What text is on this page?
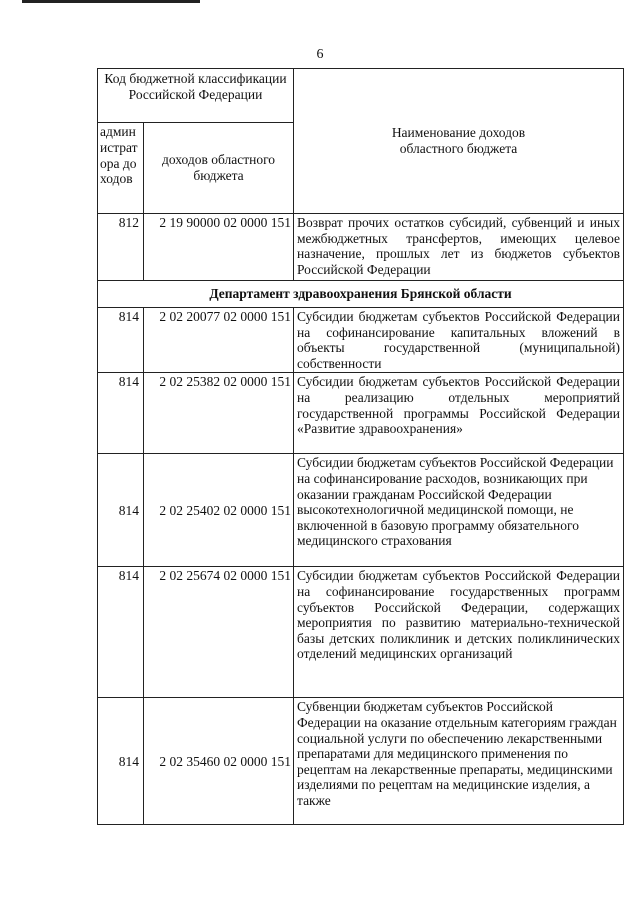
6
Код бюджетной классификации Российской Федерации		Наименование доходов областного бюджета
администратора доходов	доходов областного бюджета	
812	2 19 90000 02 0000 151	Возврат прочих остатков субсидий, субвенций и иных межбюджетных трансфертов, имеющих целевое назначение, прошлых лет из бюджетов субъектов Российской Федерации
Департамент здравоохранения Брянской области		
814	2 02 20077 02 0000 151	Субсидии бюджетам субъектов Российской Федерации на софинансирование капитальных вложений в объекты государственной (муниципальной) собственности
814	2 02 25382 02 0000 151	Субсидии бюджетам субъектов Российской Федерации на реализацию отдельных мероприятий государственной программы Российской Федерации «Развитие здравоохранения»
814	2 02 25402 02 0000 151	Субсидии бюджетам субъектов Российской Федерации на софинансирование расходов, возникающих при оказании гражданам Российской Федерации высокотехнологичной медицинской помощи, не включенной в базовую программу обязательного медицинского страхования
814	2 02 25674 02 0000 151	Субсидии бюджетам субъектов Российской Федерации на софинансирование государственных программ субъектов Российской Федерации, содержащих мероприятия по развитию материально-технической базы детских поликлиник и детских поликлинических отделений медицинских организаций
814	2 02 35460 02 0000 151	Субвенции бюджетам субъектов Российской Федерации на оказание отдельным категориям граждан социальной услуги по обеспечению лекарственными препаратами для медицинского применения по рецептам на лекарственные препараты, медицинскими изделиями по рецептам на медицинские изделия, а также
